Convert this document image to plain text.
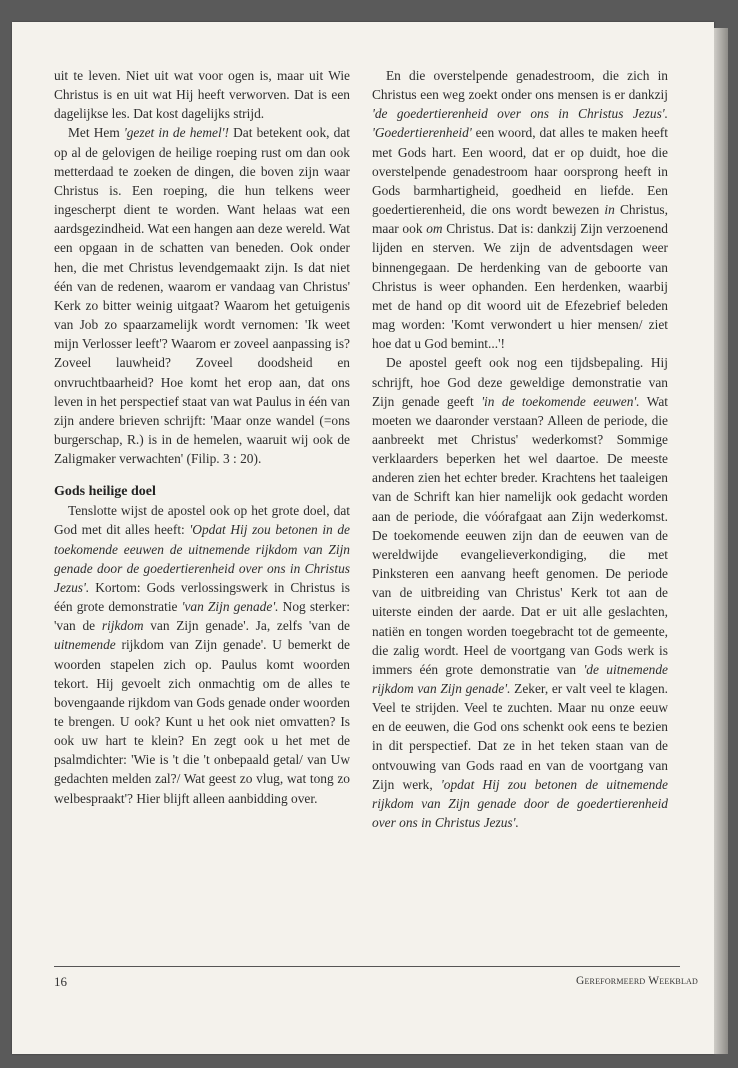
uit te leven. Niet uit wat voor ogen is, maar uit Wie Christus is en uit wat Hij heeft verworven. Dat is een dagelijkse les. Dat kost dagelijks strijd.

Met Hem 'gezet in de hemel'! Dat betekent ook, dat op al de gelovigen de heilige roeping rust om dan ook metterdaad te zoeken de dingen, die boven zijn waar Christus is. Een roeping, die hun telkens weer ingescherpt dient te worden. Want helaas wat een aardsgezindheid. Wat een hangen aan deze wereld. Wat een opgaan in de schatten van beneden. Ook onder hen, die met Christus levendgemaakt zijn. Is dat niet één van de redenen, waarom er vandaag van Christus' Kerk zo bitter weinig uitgaat? Waarom het getuigenis van Job zo spaarzamelijk wordt vernomen: 'Ik weet mijn Verlosser leeft'? Waarom er zoveel aanpassing is? Zoveel lauwheid? Zoveel doodsheid en onvruchtbaarheid? Hoe komt het erop aan, dat ons leven in het perspectief staat van wat Paulus in één van zijn andere brieven schrijft: 'Maar onze wandel (=ons burgerschap, R.) is in de hemelen, waaruit wij ook de Zaligmaker verwachten' (Filip. 3 : 20).

Gods heilige doel

Tenslotte wijst de apostel ook op het grote doel, dat God met dit alles heeft: 'Opdat Hij zou betonen in de toekomende eeuwen de uitnemende rijkdom van Zijn genade door de goedertierenheid over ons in Christus Jezus'. Kortom: Gods verlossingswerk in Christus is één grote demonstratie 'van Zijn genade'. Nog sterker: 'van de rijkdom van Zijn genade'. Ja, zelfs 'van de uitnemende rijkdom van Zijn genade'. U bemerkt de woorden stapelen zich op. Paulus komt woorden tekort. Hij gevoelt zich onmachtig om de alles te bovengaande rijkdom van Gods genade onder woorden te brengen. U ook? Kunt u het ook niet omvatten? Is ook uw hart te klein? En zegt ook u het met de psalmdichter: 'Wie is 't die 't onbepaald getal/ van Uw gedachten melden zal?/ Wat geest zo vlug, wat tong zo welbespraakt'? Hier blijft alleen aanbidding over.

En die overstelpende genadestroom, die zich in Christus een weg zoekt onder ons mensen is er dankzij 'de goedertierenheid over ons in Christus Jezus'. 'Goedertierenheid' een woord, dat alles te maken heeft met Gods hart. Een woord, dat er op duidt, hoe die overstelpende genadestroom haar oorsprong heeft in Gods barmhartigheid, goedheid en liefde. Een goedertierenheid, die ons wordt bewezen in Christus, maar ook om Christus. Dat is: dankzij Zijn verzoenend lijden en sterven. We zijn de adventsdagen weer binnengegaan. De herdenking van de geboorte van Christus is weer ophanden. Een herdenken, waarbij met de hand op dit woord uit de Efezebrief beleden mag worden: 'Komt verwondert u hier mensen/ ziet hoe dat u God bemint...'!

De apostel geeft ook nog een tijdsbepaling. Hij schrijft, hoe God deze geweldige demonstratie van Zijn genade geeft 'in de toekomende eeuwen'. Wat moeten we daaronder verstaan? Alleen de periode, die aanbreekt met Christus' wederkomst? Sommige verklaarders beperken het wel daartoe. De meeste anderen zien het echter breder. Krachtens het taaleigen van de Schrift kan hier namelijk ook gedacht worden aan de periode, die vóórafgaat aan Zijn wederkomst. De toekomende eeuwen zijn dan de eeuwen van de wereldwijde evangelieverkondiging, die met Pinksteren een aanvang heeft genomen. De periode van de uitbreiding van Christus' Kerk tot aan de uiterste einden der aarde. Dat er uit alle geslachten, natiën en tongen worden toegebracht tot de gemeente, die zalig wordt. Heel de voortgang van Gods werk is immers één grote demonstratie van 'de uitnemende rijkdom van Zijn genade'. Zeker, er valt veel te klagen. Veel te strijden. Veel te zuchten. Maar nu onze eeuw en de eeuwen, die God ons schenkt ook eens te bezien in dit perspectief. Dat ze in het teken staan van de ontvouwing van Gods raad en van de voortgang van Zijn werk, 'opdat Hij zou betonen de uitnemende rijkdom van Zijn genade door de goedertierenheid over ons in Christus Jezus'.

16	Gereformeerd Weekblad
